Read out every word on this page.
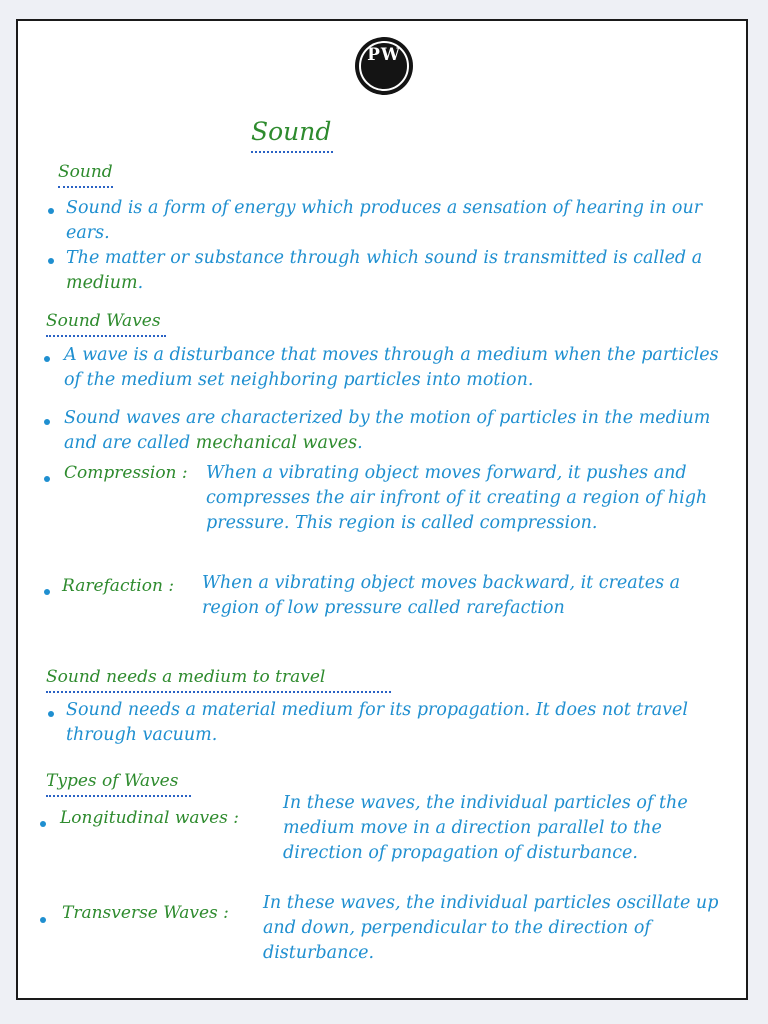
PW
Sound
Sound
Sound is a form of energy which produces a sensation of hearing in our ears.
The matter or substance through which sound is transmitted is called a medium.
Sound Waves
A wave is a disturbance that moves through a medium when the particles of the medium set neighboring particles into motion.
Sound waves are characterized by the motion of particles in the medium and are called mechanical waves.
Compression : When a vibrating object moves forward, it pushes and compresses the air infront of it creating a region of high pressure. This region is called compression.
Rarefaction : When a vibrating object moves backward, it creates a region of low pressure called rarefaction
Sound needs a medium to travel
Sound needs a material medium for its propagation. It does not travel through vacuum.
Types of Waves
Longitudinal waves :
In these waves, the individual particles of the medium move in a direction parallel to the direction of propagation of disturbance.
Transverse Waves : In these waves, the individual particles oscillate up and down, perpendicular to the direction of disturbance.
